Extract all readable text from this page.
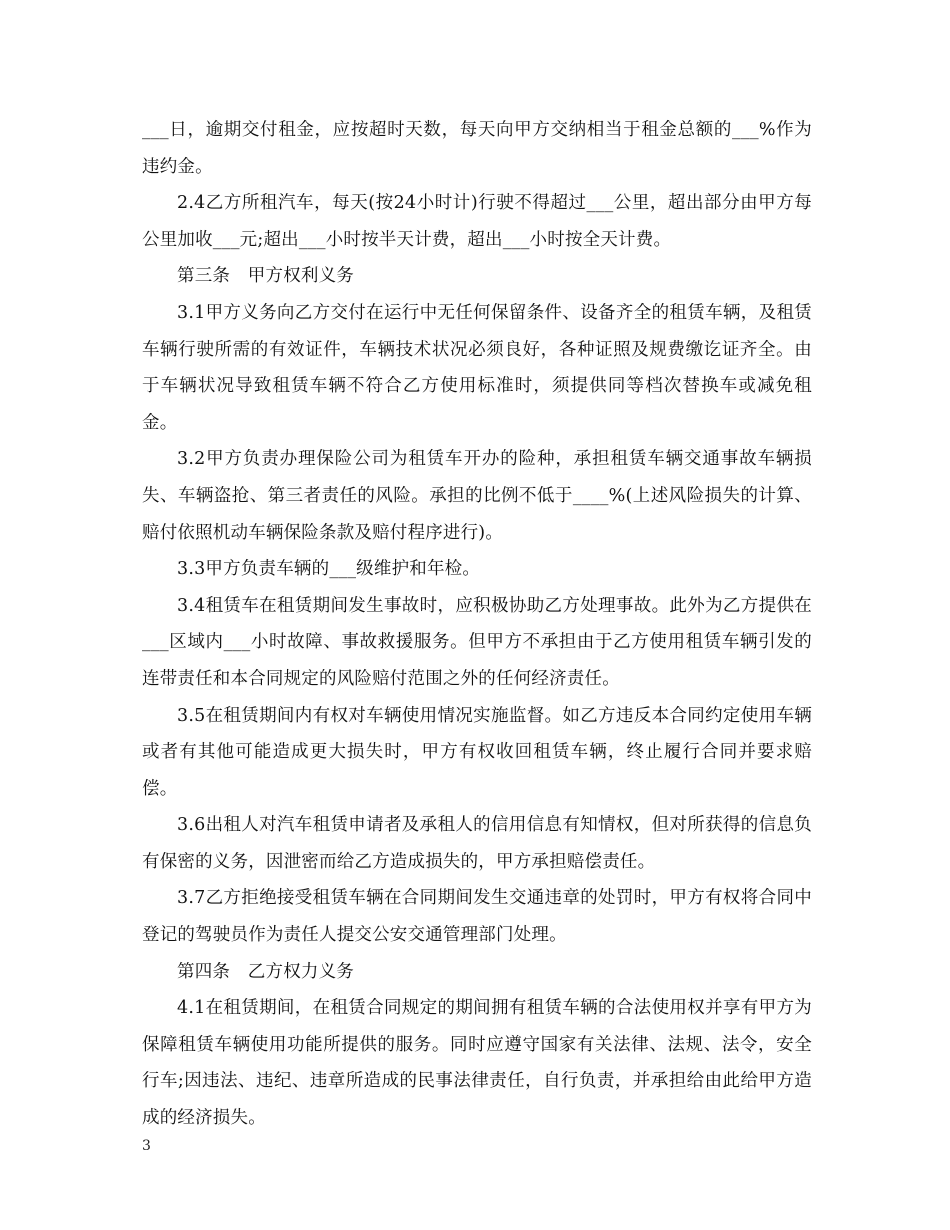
___日，逾期交付租金，应按超时天数，每天向甲方交纳相当于租金总额的___%作为违约金。

2.4乙方所租汽车，每天(按24小时计)行驶不得超过___公里，超出部分由甲方每公里加收___元;超出___小时按半天计费，超出___小时按全天计费。

第三条　甲方权利义务

3.1甲方义务向乙方交付在运行中无任何保留条件、设备齐全的租赁车辆，及租赁车辆行驶所需的有效证件，车辆技术状况必须良好，各种证照及规费缴讫证齐全。由于车辆状况导致租赁车辆不符合乙方使用标准时，须提供同等档次替换车或减免租金。

3.2甲方负责办理保险公司为租赁车开办的险种，承担租赁车辆交通事故车辆损失、车辆盗抢、第三者责任的风险。承担的比例不低于____%(上述风险损失的计算、赔付依照机动车辆保险条款及赔付程序进行)。

3.3甲方负责车辆的___级维护和年检。

3.4租赁车在租赁期间发生事故时，应积极协助乙方处理事故。此外为乙方提供在___区域内___小时故障、事故救援服务。但甲方不承担由于乙方使用租赁车辆引发的连带责任和本合同规定的风险赔付范围之外的任何经济责任。

3.5在租赁期间内有权对车辆使用情况实施监督。如乙方违反本合同约定使用车辆或者有其他可能造成更大损失时，甲方有权收回租赁车辆，终止履行合同并要求赔偿。

3.6出租人对汽车租赁申请者及承租人的信用信息有知情权，但对所获得的信息负有保密的义务，因泄密而给乙方造成损失的，甲方承担赔偿责任。

3.7乙方拒绝接受租赁车辆在合同期间发生交通违章的处罚时，甲方有权将合同中登记的驾驶员作为责任人提交公安交通管理部门处理。

第四条　乙方权力义务

4.1在租赁期间，在租赁合同规定的期间拥有租赁车辆的合法使用权并享有甲方为保障租赁车辆使用功能所提供的服务。同时应遵守国家有关法律、法规、法令，安全行车;因违法、违纪、违章所造成的民事法律责任，自行负责，并承担给由此给甲方造成的经济损失。

3
